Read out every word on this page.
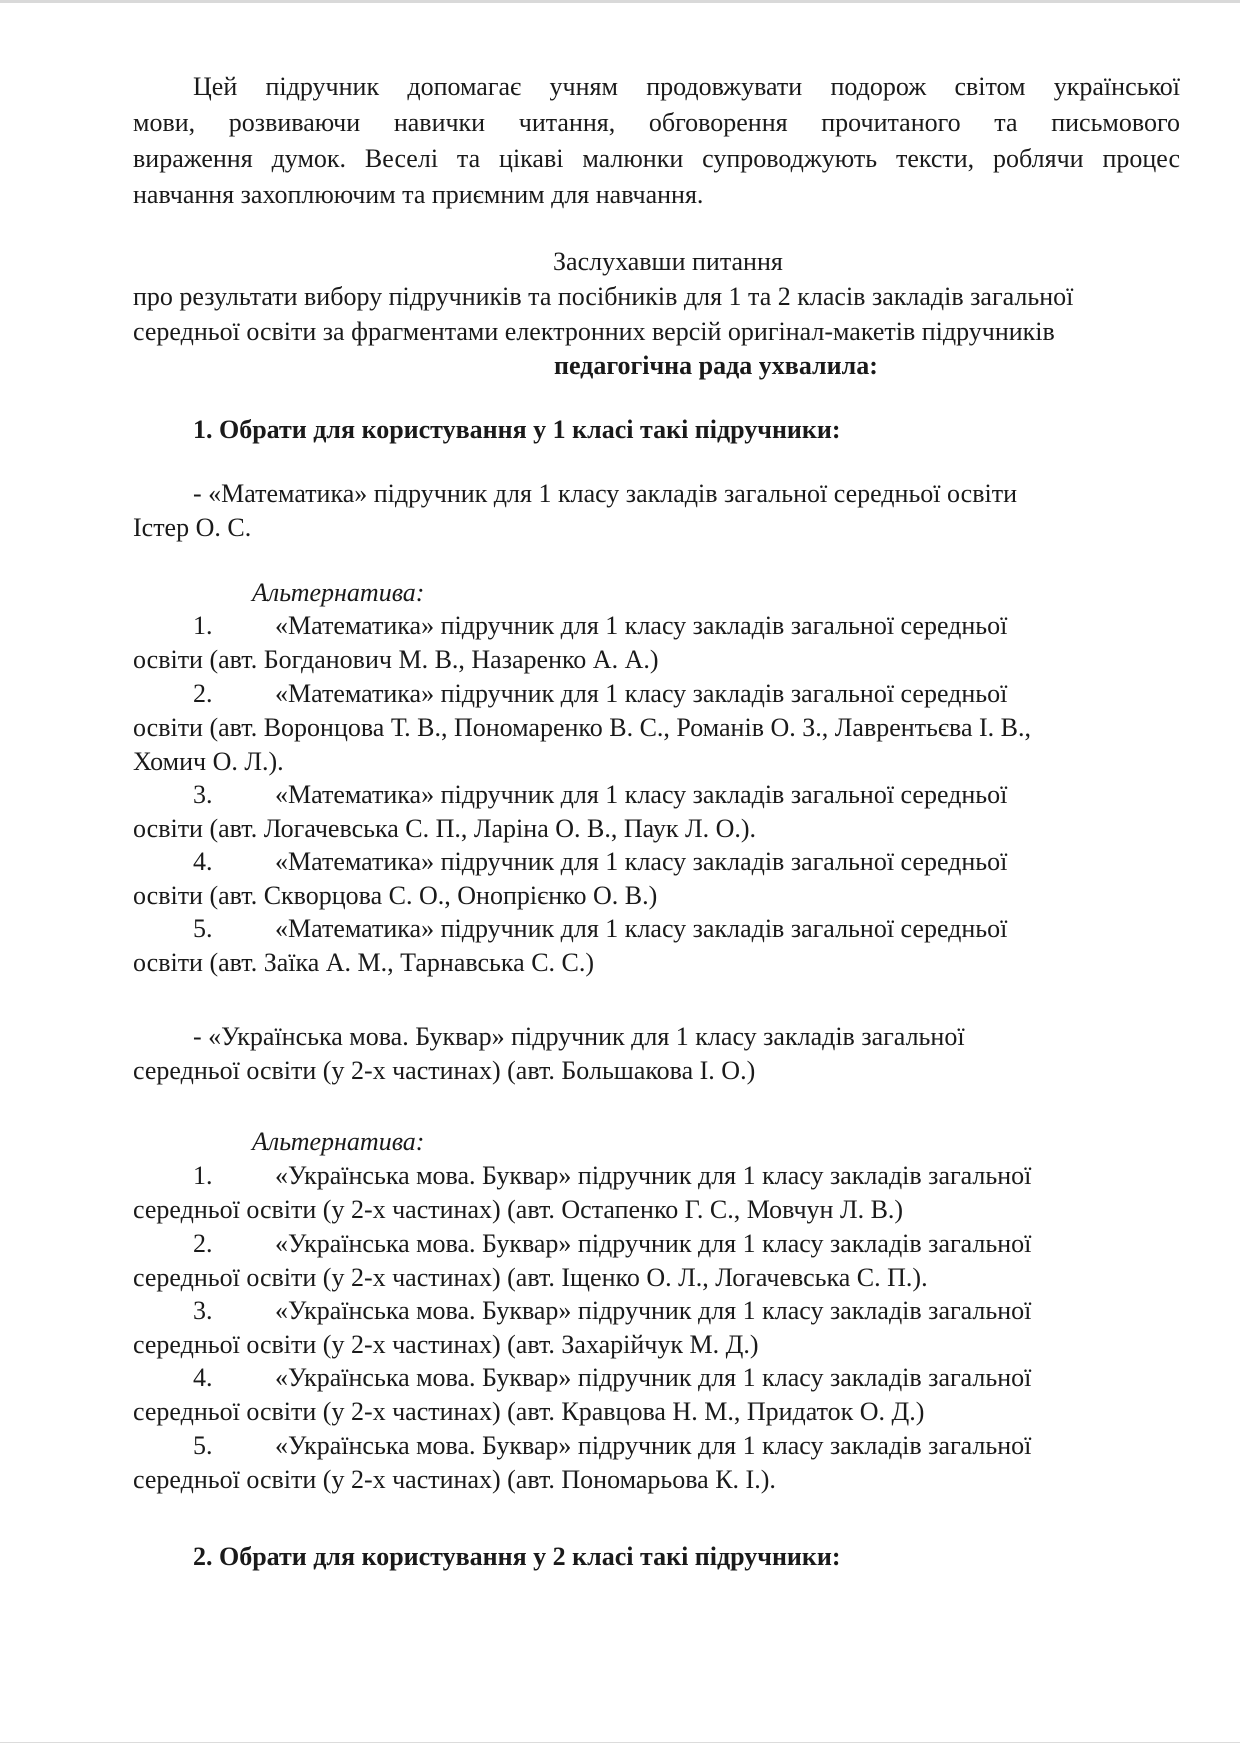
Цей підручник допомагає учням продовжувати подорож світом української

мови, розвиваючи навички читання, обговорення прочитаного та письмового

вираження думок. Веселі та цікаві малюнки супроводжують тексти, роблячи процес

навчання захоплюючим та приємним для навчання.

Заслухавши питання

про результати вибору підручників та посібників для 1 та 2 класів закладів загальної

середньої освіти за фрагментами електронних версій оригінал-макетів підручників

педагогічна рада ухвалила:

1. Обрати для користування у 1 класі такі підручники:

- «Математика» підручник для 1 класу закладів загальної середньої освіти

Істер О. С.

Альтернатива:

1. «Математика» підручник для 1 класу закладів загальної середньої

освіти (авт. Богданович М. В., Назаренко А. А.)

2. «Математика» підручник для 1 класу закладів загальної середньої

освіти (авт. Воронцова Т. В., Пономаренко В. С., Романів О. З., Лаврентьєва І. В.,

Хомич О. Л.).

3. «Математика» підручник для 1 класу закладів загальної середньої

освіти (авт. Логачевська С. П., Ларіна О. В., Паук Л. О.).

4. «Математика» підручник для 1 класу закладів загальної середньої

освіти (авт. Скворцова С. О., Онопрієнко О. В.)

5. «Математика» підручник для 1 класу закладів загальної середньої

освіти (авт. Заїка А. М., Тарнавська С. С.)

- «Українська мова. Буквар» підручник для 1 класу закладів загальної

середньої освіти (у 2-х частинах) (авт. Большакова І. О.)

Альтернатива:

1. «Українська мова. Буквар» підручник для 1 класу закладів загальної

середньої освіти (у 2-х частинах) (авт. Остапенко Г. С., Мовчун Л. В.)

2. «Українська мова. Буквар» підручник для 1 класу закладів загальної

середньої освіти (у 2-х частинах) (авт. Іщенко О. Л., Логачевська С. П.).

3. «Українська мова. Буквар» підручник для 1 класу закладів загальної

середньої освіти (у 2-х частинах) (авт. Захарійчук М. Д.)

4. «Українська мова. Буквар» підручник для 1 класу закладів загальної

середньої освіти (у 2-х частинах) (авт. Кравцова Н. М., Придаток О. Д.)

5. «Українська мова. Буквар» підручник для 1 класу закладів загальної

середньої освіти (у 2-х частинах) (авт. Пономарьова К. І.).

2. Обрати для користування у 2 класі такі підручники:
